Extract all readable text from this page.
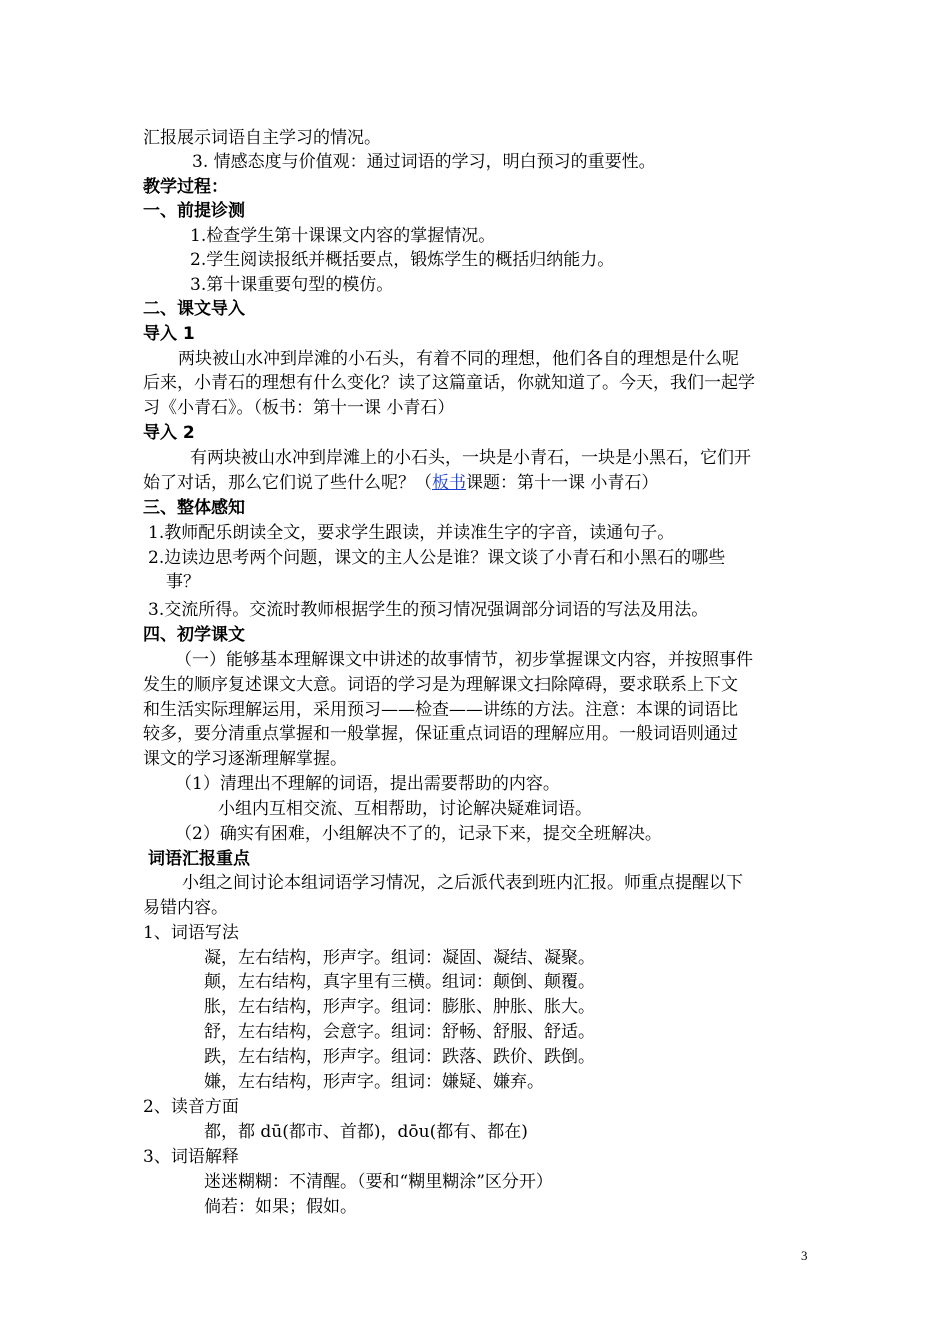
汇报展示词语自主学习的情况。
3. 情感态度与价值观：通过词语的学习，明白预习的重要性。
教学过程：
一、前提诊测
1.检查学生第十课课文内容的掌握情况。
2.学生阅读报纸并概括要点，锻炼学生的概括归纳能力。
3.第十课重要句型的模仿。
二、课文导入
导入 1
两块被山水冲到岸滩的小石头，有着不同的理想，他们各自的理想是什么呢
后来，小青石的理想有什么变化？读了这篇童话，你就知道了。今天，我们一起学
习《小青石》。（板书：第十一课 小青石）
导入 2
有两块被山水冲到岸滩上的小石头，一块是小青石，一块是小黑石，它们开
始了对话，那么它们说了些什么呢？（板书课题：第十一课 小青石）
三、整体感知
1.教师配乐朗读全文，要求学生跟读，并读准生字的字音，读通句子。
2.边读边思考两个问题，课文的主人公是谁？课文谈了小青石和小黑石的哪些
事？
3.交流所得。交流时教师根据学生的预习情况强调部分词语的写法及用法。
四、初学课文
（一）能够基本理解课文中讲述的故事情节，初步掌握课文内容，并按照事件
发生的顺序复述课文大意。词语的学习是为理解课文扫除障碍，要求联系上下文
和生活实际理解运用，采用预习——检查——讲练的方法。注意：本课的词语比
较多，要分清重点掌握和一般掌握，保证重点词语的理解应用。一般词语则通过
课文的学习逐渐理解掌握。
（1）清理出不理解的词语，提出需要帮助的内容。
小组内互相交流、互相帮助，讨论解决疑难词语。
（2）确实有困难，小组解决不了的，记录下来，提交全班解决。
词语汇报重点
小组之间讨论本组词语学习情况，之后派代表到班内汇报。师重点提醒以下
易错内容。
1、词语写法
凝，左右结构，形声字。组词：凝固、凝结、凝聚。
颠，左右结构，真字里有三横。组词：颠倒、颠覆。
胀，左右结构，形声字。组词：膨胀、肿胀、胀大。
舒，左右结构，会意字。组词：舒畅、舒服、舒适。
跌，左右结构，形声字。组词：跌落、跌价、跌倒。
嫌，左右结构，形声字。组词：嫌疑、嫌弃。
2、读音方面
都，都 dū(都市、首都)，dōu(都有、都在)
3、词语解释
迷迷糊糊：不清醒。（要和“糊里糊涂”区分开）
倘若：如果；假如。
3
